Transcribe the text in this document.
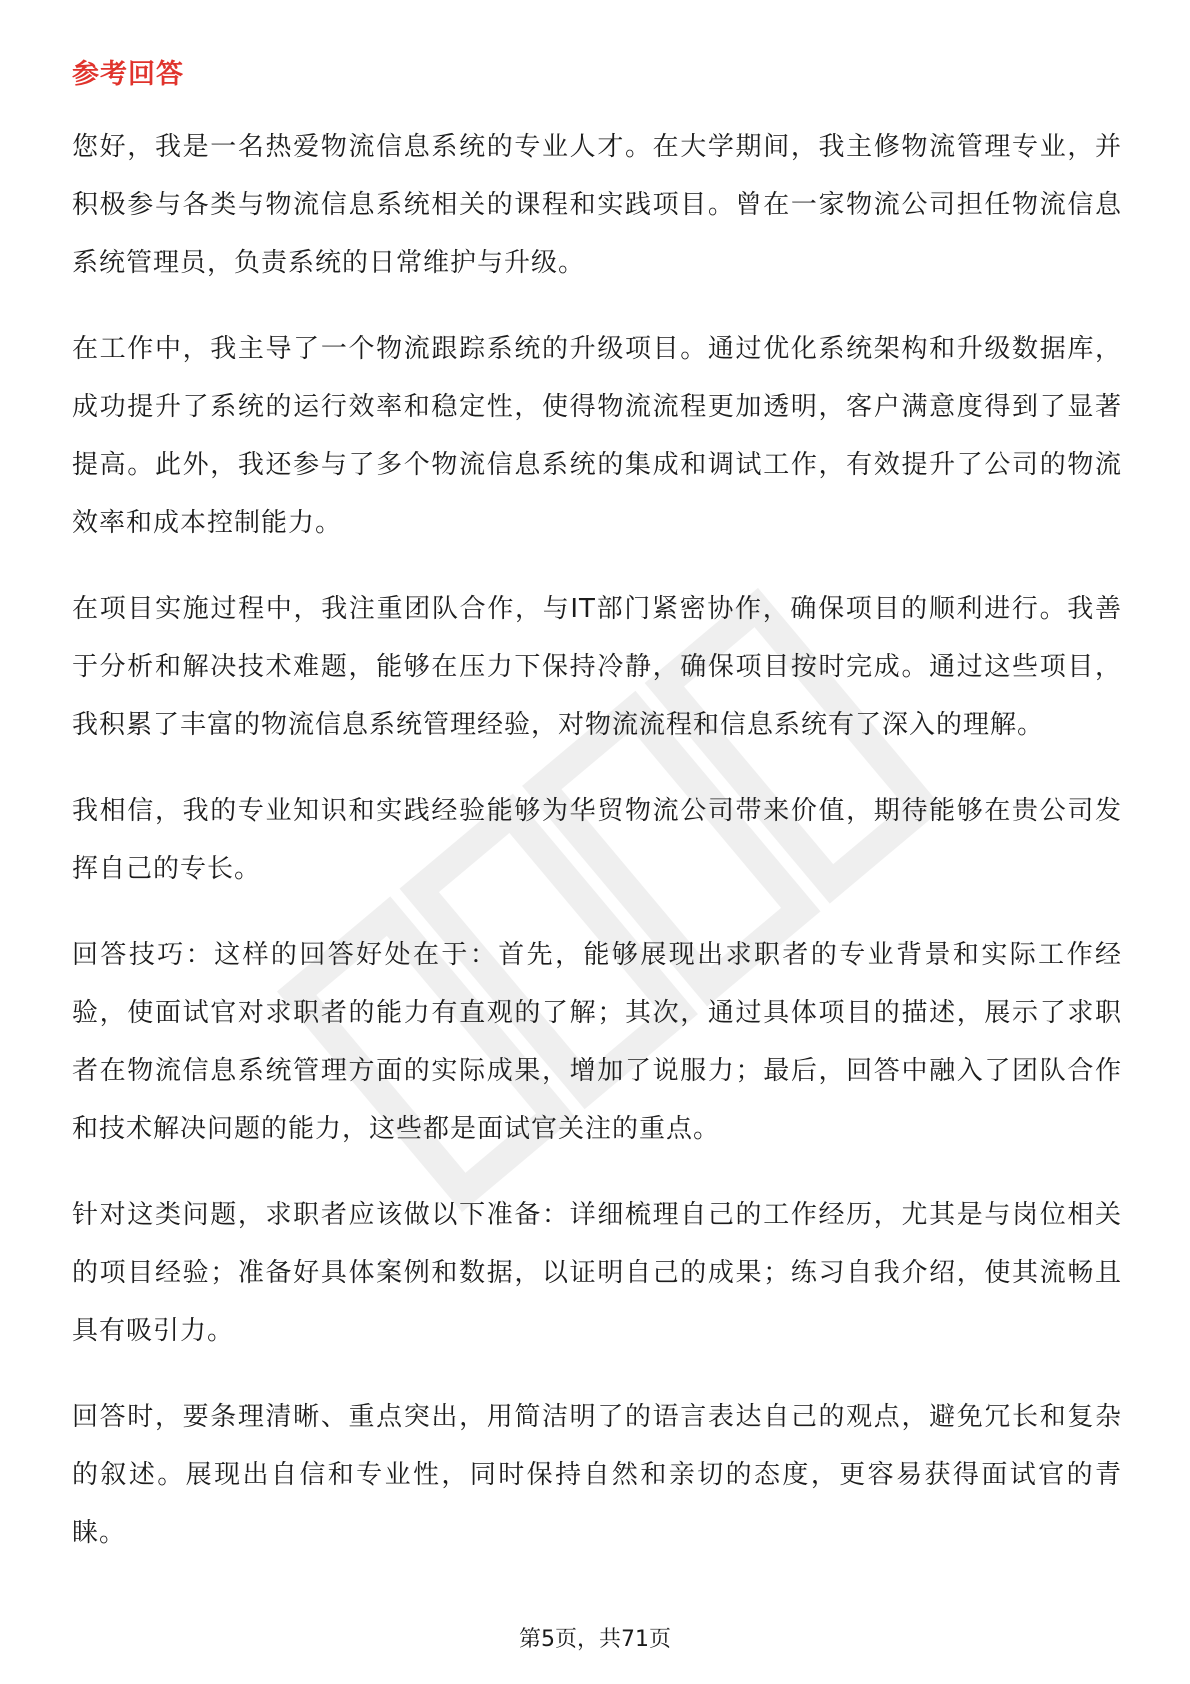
参考回答

您好，我是一名热爱物流信息系统的专业人才。在大学期间，我主修物流管理专业，并积极参与各类与物流信息系统相关的课程和实践项目。曾在一家物流公司担任物流信息系统管理员，负责系统的日常维护与升级。

在工作中，我主导了一个物流跟踪系统的升级项目。通过优化系统架构和升级数据库，成功提升了系统的运行效率和稳定性，使得物流流程更加透明，客户满意度得到了显著提高。此外，我还参与了多个物流信息系统的集成和调试工作，有效提升了公司的物流效率和成本控制能力。

在项目实施过程中，我注重团队合作，与IT部门紧密协作，确保项目的顺利进行。我善于分析和解决技术难题，能够在压力下保持冷静，确保项目按时完成。通过这些项目，我积累了丰富的物流信息系统管理经验，对物流流程和信息系统有了深入的理解。

我相信，我的专业知识和实践经验能够为华贸物流公司带来价值，期待能够在贵公司发挥自己的专长。

回答技巧：这样的回答好处在于：首先，能够展现出求职者的专业背景和实际工作经验，使面试官对求职者的能力有直观的了解；其次，通过具体项目的描述，展示了求职者在物流信息系统管理方面的实际成果，增加了说服力；最后，回答中融入了团队合作和技术解决问题的能力，这些都是面试官关注的重点。

针对这类问题，求职者应该做以下准备：详细梳理自己的工作经历，尤其是与岗位相关的项目经验；准备好具体案例和数据，以证明自己的成果；练习自我介绍，使其流畅且具有吸引力。

回答时，要条理清晰、重点突出，用简洁明了的语言表达自己的观点，避免冗长和复杂的叙述。展现出自信和专业性，同时保持自然和亲切的态度，更容易获得面试官的青睐。

第5页，共71页
